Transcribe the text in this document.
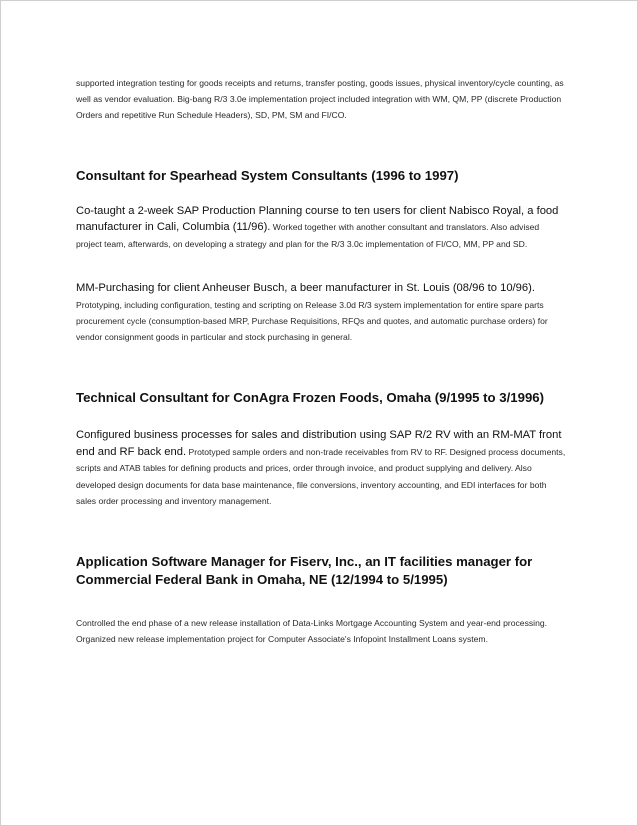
supported integration testing for goods receipts and returns, transfer posting, goods issues, physical inventory/cycle counting, as well as vendor evaluation. Big-bang R/3 3.0e implementation project included integration with WM, QM, PP (discrete Production Orders and repetitive Run Schedule Headers), SD, PM, SM and FI/CO.

Consultant for Spearhead System Consultants (1996 to 1997)

Co-taught a 2-week SAP Production Planning course to ten users for client Nabisco Royal, a food manufacturer in Cali, Columbia (11/96). Worked together with another consultant and translators. Also advised project team, afterwards, on developing a strategy and plan for the R/3 3.0c implementation of FI/CO, MM, PP and SD.

MM-Purchasing for client Anheuser Busch, a beer manufacturer in St. Louis (08/96 to 10/96). Prototyping, including configuration, testing and scripting on Release 3.0d R/3 system implementation for entire spare parts procurement cycle (consumption-based MRP, Purchase Requisitions, RFQs and quotes, and automatic purchase orders) for vendor consignment goods in particular and stock purchasing in general.

Technical Consultant for ConAgra Frozen Foods, Omaha (9/1995 to 3/1996)

Configured business processes for sales and distribution using SAP R/2 RV with an RM-MAT front end and RF back end. Prototyped sample orders and non-trade receivables from RV to RF. Designed process documents, scripts and ATAB tables for defining products and prices, order through invoice, and product supplying and delivery. Also developed design documents for data base maintenance, file conversions, inventory accounting, and EDI interfaces for both sales order processing and inventory management.

Application Software Manager for Fiserv, Inc., an IT facilities manager for Commercial Federal Bank in Omaha, NE (12/1994 to 5/1995)

Controlled the end phase of a new release installation of Data-Links Mortgage Accounting System and year-end processing. Organized new release implementation project for Computer Associate's Infopoint Installment Loans system.
